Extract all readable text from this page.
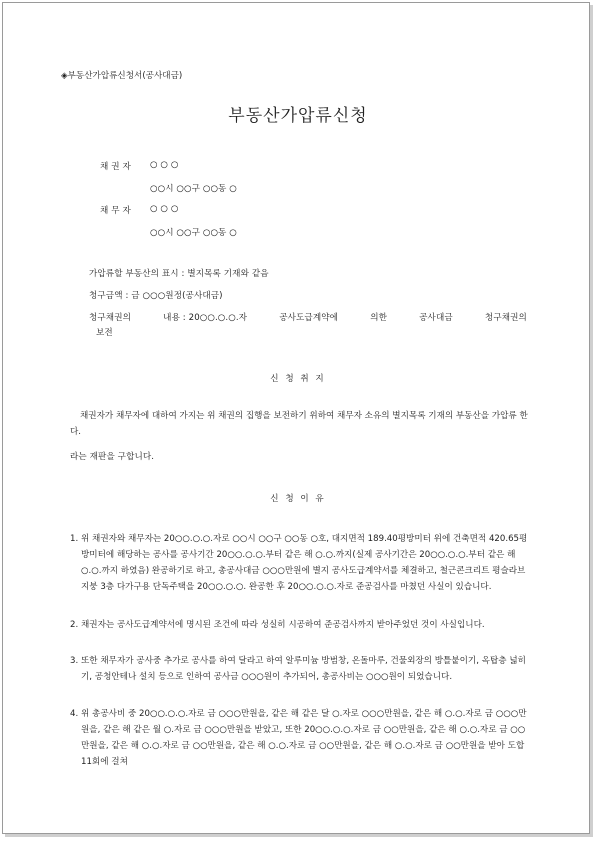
◈부동산가압류신청서(공사대금)
부동산가압류신청
채 권 자 ○ ○ ○
○○시 ○○구 ○○동 ○
채 무 자 ○ ○ ○
○○시 ○○구 ○○동 ○
가압류할 부동산의 표시 : 별지목록 기재와 같음
청구금액 : 금 ○○○원정(공사대금)
청구채권의	내용 : 20○○.○.○.자	공사도급계약에	의한	공사대금	청구채권의
보전
신 청 취 지
채권자가 채무자에 대하여 가지는 위 채권의 집행을 보전하기 위하여 채무자 소유의 별지목록 기재의 부동산을 가압류 한다.
라는 재판을 구합니다.
신 청 이 유
1. 위 채권자와 채무자는 20○○.○.○.자로 ○○시 ○○구 ○○동 ○호, 대지면적 189.40평방미터 위에 건축면적 420.65평방미터에 해당하는 공사를 공사기간 20○○.○.○.부터 같은 해 ○.○.까지(실제 공사기간은 20○○.○.○.부터 같은 해 ○.○.까지 하였음) 완공하기로 하고, 총공사대금 ○○○만원에 별지 공사도급계약서를 체결하고, 철근콘크리트 평슬라브지붕 3층 다가구용 단독주택을 20○○.○.○. 완공한 후 20○○.○.○.자로 준공검사를 마쳤던 사실이 있습니다.
2. 채권자는 공사도급계약서에 명시된 조건에 따라 성실히 시공하여 준공검사까지 받아주었던 것이 사실입니다.
3. 또한 채무자가 공사중 추가로 공사를 하여 달라고 하여 알루미늄 방범창, 온돌마루, 건물외장의 방틀붙이기, 옥탑층 넓히기, 공청안테나 설치 등으로 인하여 공사금 ○○○원이 추가되어, 총공사비는 ○○○원이 되었습니다.
4. 위 총공사비 중 20○○.○.○.자로 금 ○○○만원을, 같은 해 같은 달 ○.자로 ○○○만원을, 같은 해 ○.○.자로 금 ○○○만원을, 같은 해 같은 월 ○.자로 금 ○○○만원을 받았고, 또한 20○○.○.○.자로 금 ○○만원을, 같은 해 ○.○.자로 금 ○○만원을, 같은 해 ○.○.자로 금 ○○만원을, 같은 해 ○.○.자로 금 ○○만원을, 같은 해 ○.○.자로 금 ○○만원을 받아 도합 11회에 걸쳐
